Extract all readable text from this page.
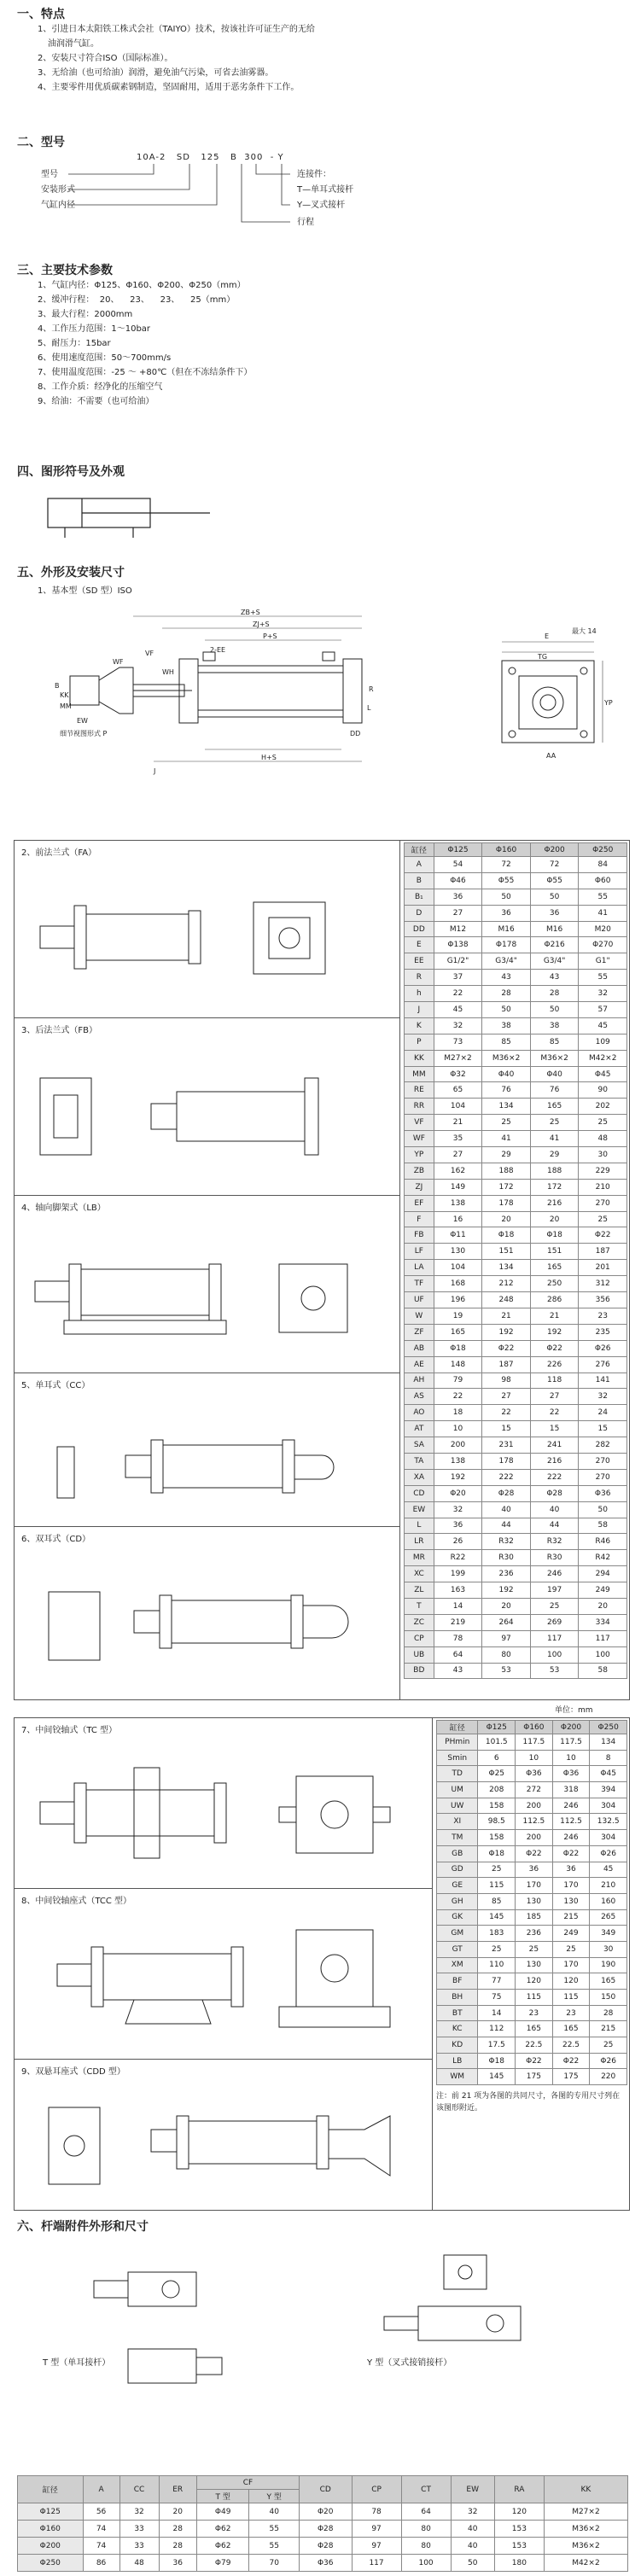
一、特点
1、引进日本太阳铁工株式会社（TAIYO）技术，按该社许可证生产的无给
油润滑气缸。
2、安装尺寸符合ISO（国际标准）。
3、无给油（也可给油）润滑，避免油气污染，可省去油雾器。
4、主要零件用优质碳素钢制造，坚固耐用，适用于恶劣条件下工作。
二、型号
10A-2   SD   125   B  300  - Y
型号
安装形式
气缸内径
连接件：
T—单耳式接杆
Y—叉式接杆
行程
三、主要技术参数
1、气缸内径：Φ125、Φ160、Φ200、Φ250（mm）
2、缓冲行程：  20、    23、    23、    25（mm）
3、最大行程：2000mm
4、工作压力范围：1～10bar
5、耐压力：15bar
6、使用速度范围：50～700mm/s
7、使用温度范围：-25 ～ +80℃（但在不冻结条件下）
8、工作介质：经净化的压缩空气
9、给油：不需要（也可给油）
四、图形符号及外观
五、外形及安装尺寸
1、基本型（SD 型）ISO
ZB+S
ZJ+S
P+S
H+S
2-EE
WF
WH
VF
EW
MM
KK
DD
J
E
TG
AA
YP
R
L
B
最大 14
细节视图形式 P
2、前法兰式（FA）
3、后法兰式（FB）
4、轴向脚架式（LB）
5、单耳式（CC）
6、双耳式（CD）
缸径	Φ125	Φ160	Φ200	Φ250
A	54	72	72	84
B	Φ46	Φ55	Φ55	Φ60
B₁	36	50	50	55
D	27	36	36	41
DD	M12	M16	M16	M20
E	Φ138	Φ178	Φ216	Φ270
EE	G1/2"	G3/4"	G3/4"	G1"
R	37	43	43	55
h	22	28	28	32
J	45	50	50	57
K	32	38	38	45
P	73	85	85	109
KK	M27×2	M36×2	M36×2	M42×2
MM	Φ32	Φ40	Φ40	Φ45
RE	65	76	76	90
RR	104	134	165	202
VF	21	25	25	25
WF	35	41	41	48
YP	27	29	29	30
ZB	162	188	188	229
ZJ	149	172	172	210
EF	138	178	216	270
F	16	20	20	25
FB	Φ11	Φ18	Φ18	Φ22
LF	130	151	151	187
LA	104	134	165	201
TF	168	212	250	312
UF	196	248	286	356
W	19	21	21	23
ZF	165	192	192	235
AB	Φ18	Φ22	Φ22	Φ26
AE	148	187	226	276
AH	79	98	118	141
AS	22	27	27	32
AO	18	22	22	24
AT	10	15	15	15
SA	200	231	241	282
TA	138	178	216	270
XA	192	222	222	270
CD	Φ20	Φ28	Φ28	Φ36
EW	32	40	40	50
L	36	44	44	58
LR	26	R32	R32	R46
MR	R22	R30	R30	R42
XC	199	236	246	294
ZL	163	192	197	249
T	14	20	25	20
ZC	219	264	269	334
CP	78	97	117	117
UB	64	80	100	100
BD	43	53	53	58
单位：mm
7、中间铰轴式（TC 型）
8、中间铰轴座式（TCC 型）
9、双悬耳座式（CDD 型）
缸径	Φ125	Φ160	Φ200	Φ250
PHmin	101.5	117.5	117.5	134
Smin	6	10	10	8
TD	Φ25	Φ36	Φ36	Φ45
UM	208	272	318	394
UW	158	200	246	304
XI	98.5	112.5	112.5	132.5
TM	158	200	246	304
GB	Φ18	Φ22	Φ22	Φ26
GD	25	36	36	45
GE	115	170	170	210
GH	85	130	130	160
GK	145	185	215	265
GM	183	236	249	349
GT	25	25	25	30
XM	110	130	170	190
BF	77	120	120	165
BH	75	115	115	150
BT	14	23	23	28
KC	112	165	165	215
KD	17.5	22.5	22.5	25
LB	Φ18	Φ22	Φ22	Φ26
WM	145	175	175	220
注：前 21 项为各图的共同尺寸，各图的专用尺寸列在该图形附近。
六、杆端附件外形和尺寸
T 型（单耳接杆）	Y 型（叉式接销接杆）
缸径	A	CC	ER	CF		CD	CP	CT	EW	RA	KK
				T 型	Y 型						
Φ125	56	32	20	Φ49	40	Φ20	78	64	32	120	M27×2
Φ160	74	33	28	Φ62	55	Φ28	97	80	40	153	M36×2
Φ200	74	33	28	Φ62	55	Φ28	97	80	40	153	M36×2
Φ250	86	48	36	Φ79	70	Φ36	117	100	50	180	M42×2
